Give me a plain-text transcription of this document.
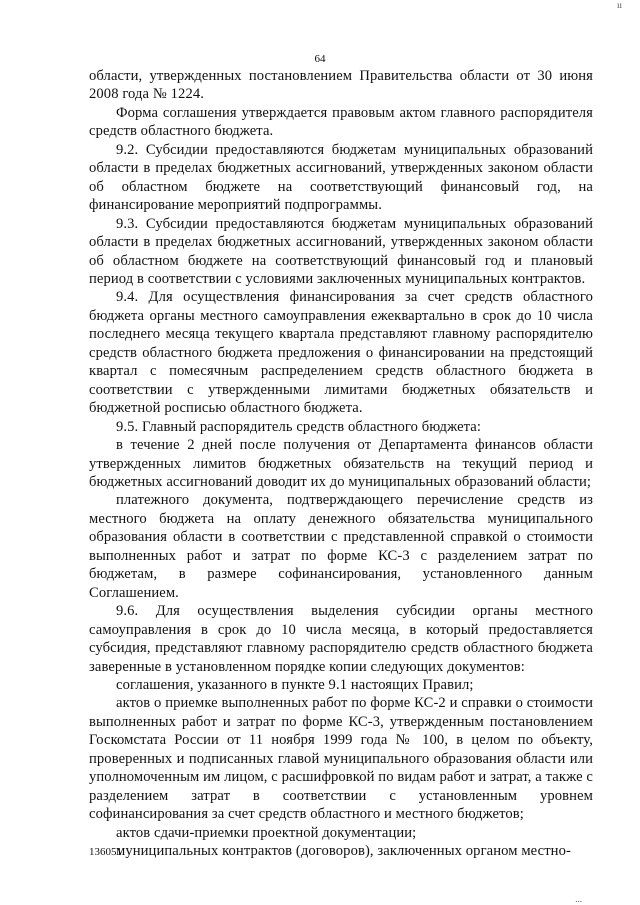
ıı
64

области, утвержденных постановлением Правительства области от 30 июня 2008 года № 1224.

Форма соглашения утверждается правовым актом главного распорядителя средств областного бюджета.

9.2. Субсидии предоставляются бюджетам муниципальных образований области в пределах бюджетных ассигнований, утвержденных законом области об областном бюджете на соответствующий финансовый год, на финансирование мероприятий подпрограммы.

9.3. Субсидии предоставляются бюджетам муниципальных образований области в пределах бюджетных ассигнований, утвержденных законом области об областном бюджете на соответствующий финансовый год и плановый период в соответствии с условиями заключенных муниципальных контрактов.

9.4. Для осуществления финансирования за счет средств областного бюджета органы местного самоуправления ежеквартально в срок до 10 числа последнего месяца текущего квартала представляют главному распорядителю средств областного бюджета предложения о финансировании на предстоящий квартал с помесячным распределением средств областного бюджета в соответствии с утвержденными лимитами бюджетных обязательств и бюджетной росписью областного бюджета.

9.5. Главный распорядитель средств областного бюджета:

в течение 2 дней после получения от Департамента финансов области утвержденных лимитов бюджетных обязательств на текущий период и бюджетных ассигнований доводит их до муниципальных образований области;

платежного документа, подтверждающего перечисление средств из местного бюджета на оплату денежного обязательства муниципального образования области в соответствии с представленной справкой о стоимости выполненных работ и затрат по форме КС-3 с разделением затрат по бюджетам, в размере софинансирования, установленного данным Соглашением.

9.6. Для осуществления выделения субсидии органы местного самоуправления в срок до 10 числа месяца, в который предоставляется субсидия, представляют главному распорядителю средств областного бюджета заверенные в установленном порядке копии следующих документов:

соглашения, указанного в пункте 9.1 настоящих Правил;

актов о приемке выполненных работ по форме КС-2 и справки о стоимости выполненных работ и затрат по форме КС-3, утвержденным постановлением Госкомстата России от 11 ноября 1999 года № 100, в целом по объекту, проверенных и подписанных главой муниципального образования области или уполномоченным им лицом, с расшифровкой по видам работ и затрат, а также с разделением затрат в соответствии с установленным уровнем софинансирования за счет средств областного и местного бюджетов;

актов сдачи-приемки проектной документации;

муниципальных контрактов (договоров), заключенных органом местно-

136051
...
